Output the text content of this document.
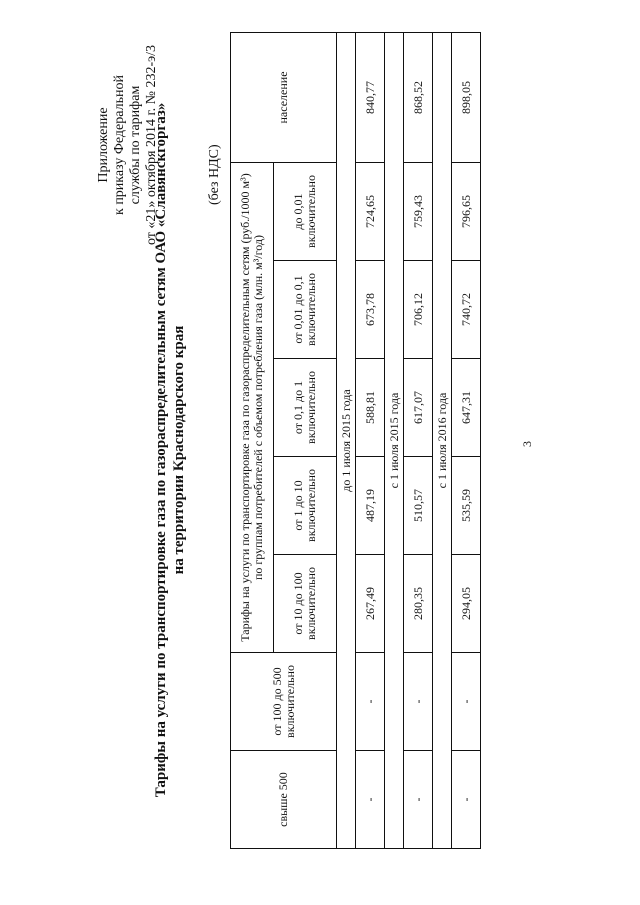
Приложение к приказу Федеральной службы по тарифам от «21» октября 2014 г. № 232-э/3
Тарифы на услуги по транспортировке газа по газораспределительным сетям ОАО «Славянскгоргаз» на территории Краснодарского края
(без НДС)
свыше 500	от 100 до 500 включительно	Тарифы на услуги по транспортировке газа по газораспределительным сетям (руб./1000 м³) по группам потребителей с объемом потребления газа (млн. м³/год)					население
		от 10 до 100 включительно	от 1 до 10 включительно	от 0,1 до 1 включительно	от 0,01 до 0,1 включительно	до 0,01 включительно	
до 1 июля 2015 года							
-	-	267,49	487,19	588,81	673,78	724,65	840,77
с 1 июля 2015 года							
-	-	280,35	510,57	617,07	706,12	759,43	868,52
с 1 июля 2016 года							
-	-	294,05	535,59	647,31	740,72	796,65	898,05
3
